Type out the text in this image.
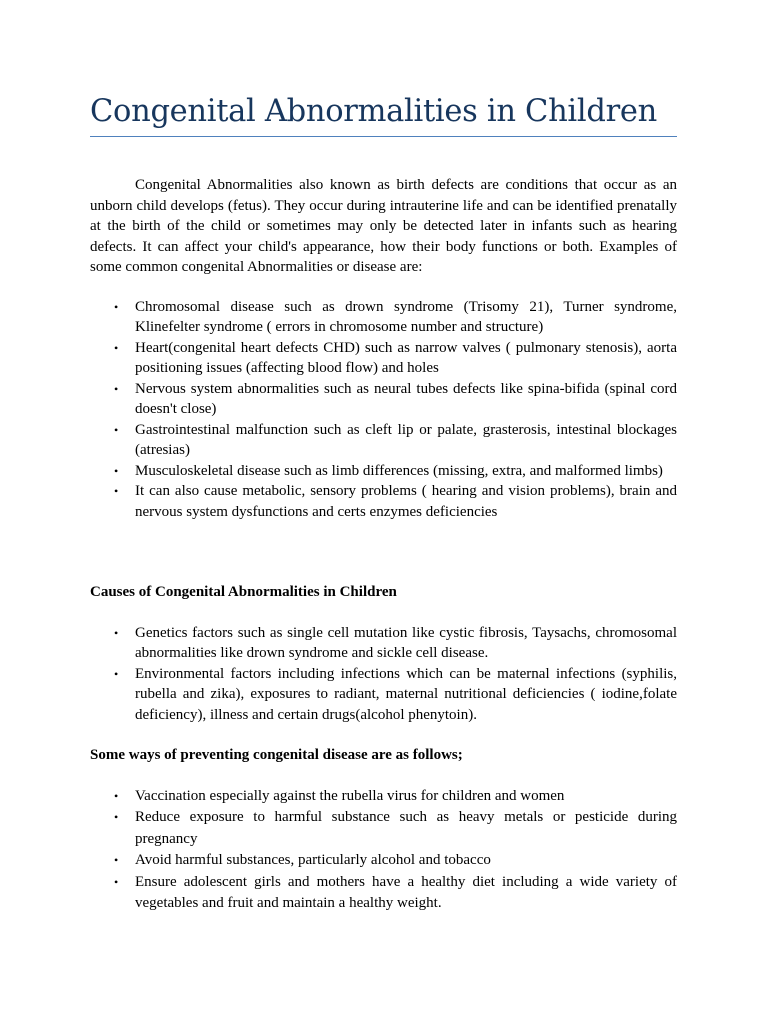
Congenital Abnormalities in Children

Congenital Abnormalities also known as birth defects are conditions that occur as an unborn child develops (fetus). They occur during intrauterine life and can be identified prenatally at the birth of the child or sometimes may only be detected later in infants such as hearing defects. It can affect your child's appearance, how their body functions or both. Examples of some common congenital Abnormalities or disease are:

• Chromosomal disease such as drown syndrome (Trisomy 21), Turner syndrome, Klinefelter syndrome ( errors in chromosome number and structure)
• Heart(congenital heart defects CHD) such as narrow valves ( pulmonary stenosis), aorta positioning issues (affecting blood flow) and holes
• Nervous system abnormalities such as neural tubes defects like spina-bifida (spinal cord doesn't close)
• Gastrointestinal malfunction such as cleft lip or palate, grasterosis, intestinal blockages (atresias)
• Musculoskeletal disease such as limb differences (missing, extra, and malformed limbs)
• It can also cause metabolic, sensory problems ( hearing and vision problems), brain and nervous system dysfunctions and certs enzymes deficiencies

Causes of Congenital Abnormalities in Children

• Genetics factors such as single cell mutation like cystic fibrosis, Taysachs, chromosomal abnormalities like drown syndrome and sickle cell disease.
• Environmental factors including infections which can be maternal infections (syphilis, rubella and zika), exposures to radiant, maternal nutritional deficiencies ( iodine,folate deficiency), illness and certain drugs(alcohol phenytoin).

Some ways of preventing congenital disease are as follows;

• Vaccination especially against the rubella virus for children and women
• Reduce exposure to harmful substance such as heavy metals or pesticide during pregnancy
• Avoid harmful substances, particularly alcohol and tobacco
• Ensure adolescent girls and mothers have a healthy diet including a wide variety of vegetables and fruit and maintain a healthy weight.
